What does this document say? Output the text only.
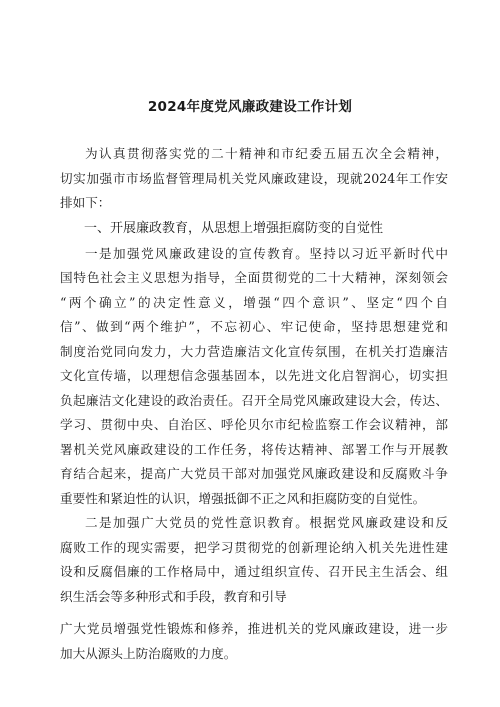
2024年度党风廉政建设工作计划
为认真贯彻落实党的二十精神和市纪委五届五次全会精神，
切实加强市市场监督管理局机关党风廉政建设，现就2024年工作安
排如下：
一、开展廉政教育，从思想上增强拒腐防变的自觉性
一是加强党风廉政建设的宣传教育。坚持以习近平新时代中
国特色社会主义思想为指导，全面贯彻党的二十大精神，深刻领会
“两个确立”的决定性意义，增强“四个意识”、坚定“四个自
信”、做到“两个维护”，不忘初心、牢记使命，坚持思想建党和
制度治党同向发力，大力营造廉洁文化宣传氛围，在机关打造廉洁
文化宣传墙，以理想信念强基固本，以先进文化启智润心，切实担
负起廉洁文化建设的政治责任。召开全局党风廉政建设大会，传达、
学习、贯彻中央、自治区、呼伦贝尔市纪检监察工作会议精神，部
署机关党风廉政建设的工作任务，将传达精神、部署工作与开展教
育结合起来，提高广大党员干部对加强党风廉政建设和反腐败斗争
重要性和紧迫性的认识，增强抵御不正之风和拒腐防变的自觉性。
二是加强广大党员的党性意识教育。根据党风廉政建设和反
腐败工作的现实需要，把学习贯彻党的创新理论纳入机关先进性建
设和反腐倡廉的工作格局中，通过组织宣传、召开民主生活会、组
织生活会等多种形式和手段，教育和引导
广大党员增强党性锻炼和修养，推进机关的党风廉政建设，进一步
加大从源头上防治腐败的力度。
